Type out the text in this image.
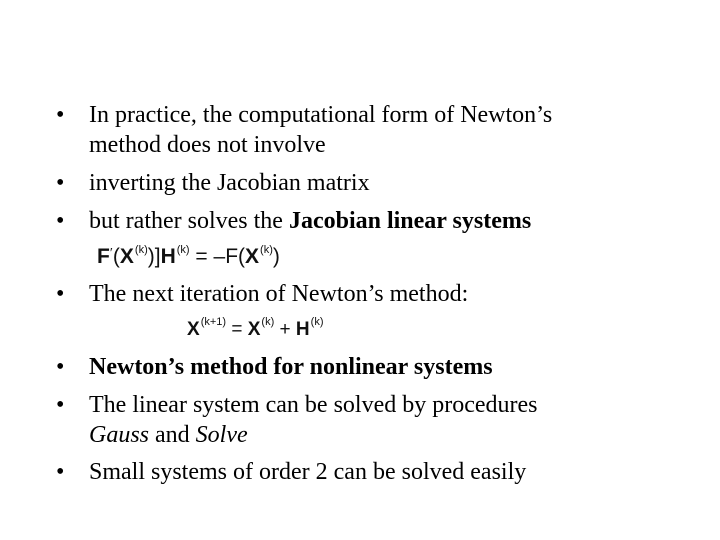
• In practice, the computational form of Newton’s
method does not involve
• inverting the Jacobian matrix
• but rather solves the Jacobian linear systems
$F'(X^{(k)})]H^{(k)} = -F(X^{(k)})$
• The next iteration of Newton’s method:
$X^{(k+1)} = X^{(k)} + H^{(k)}$
• Newton’s method for nonlinear systems
• The linear system can be solved by procedures
Gauss and Solve
• Small systems of order 2 can be solved easily
